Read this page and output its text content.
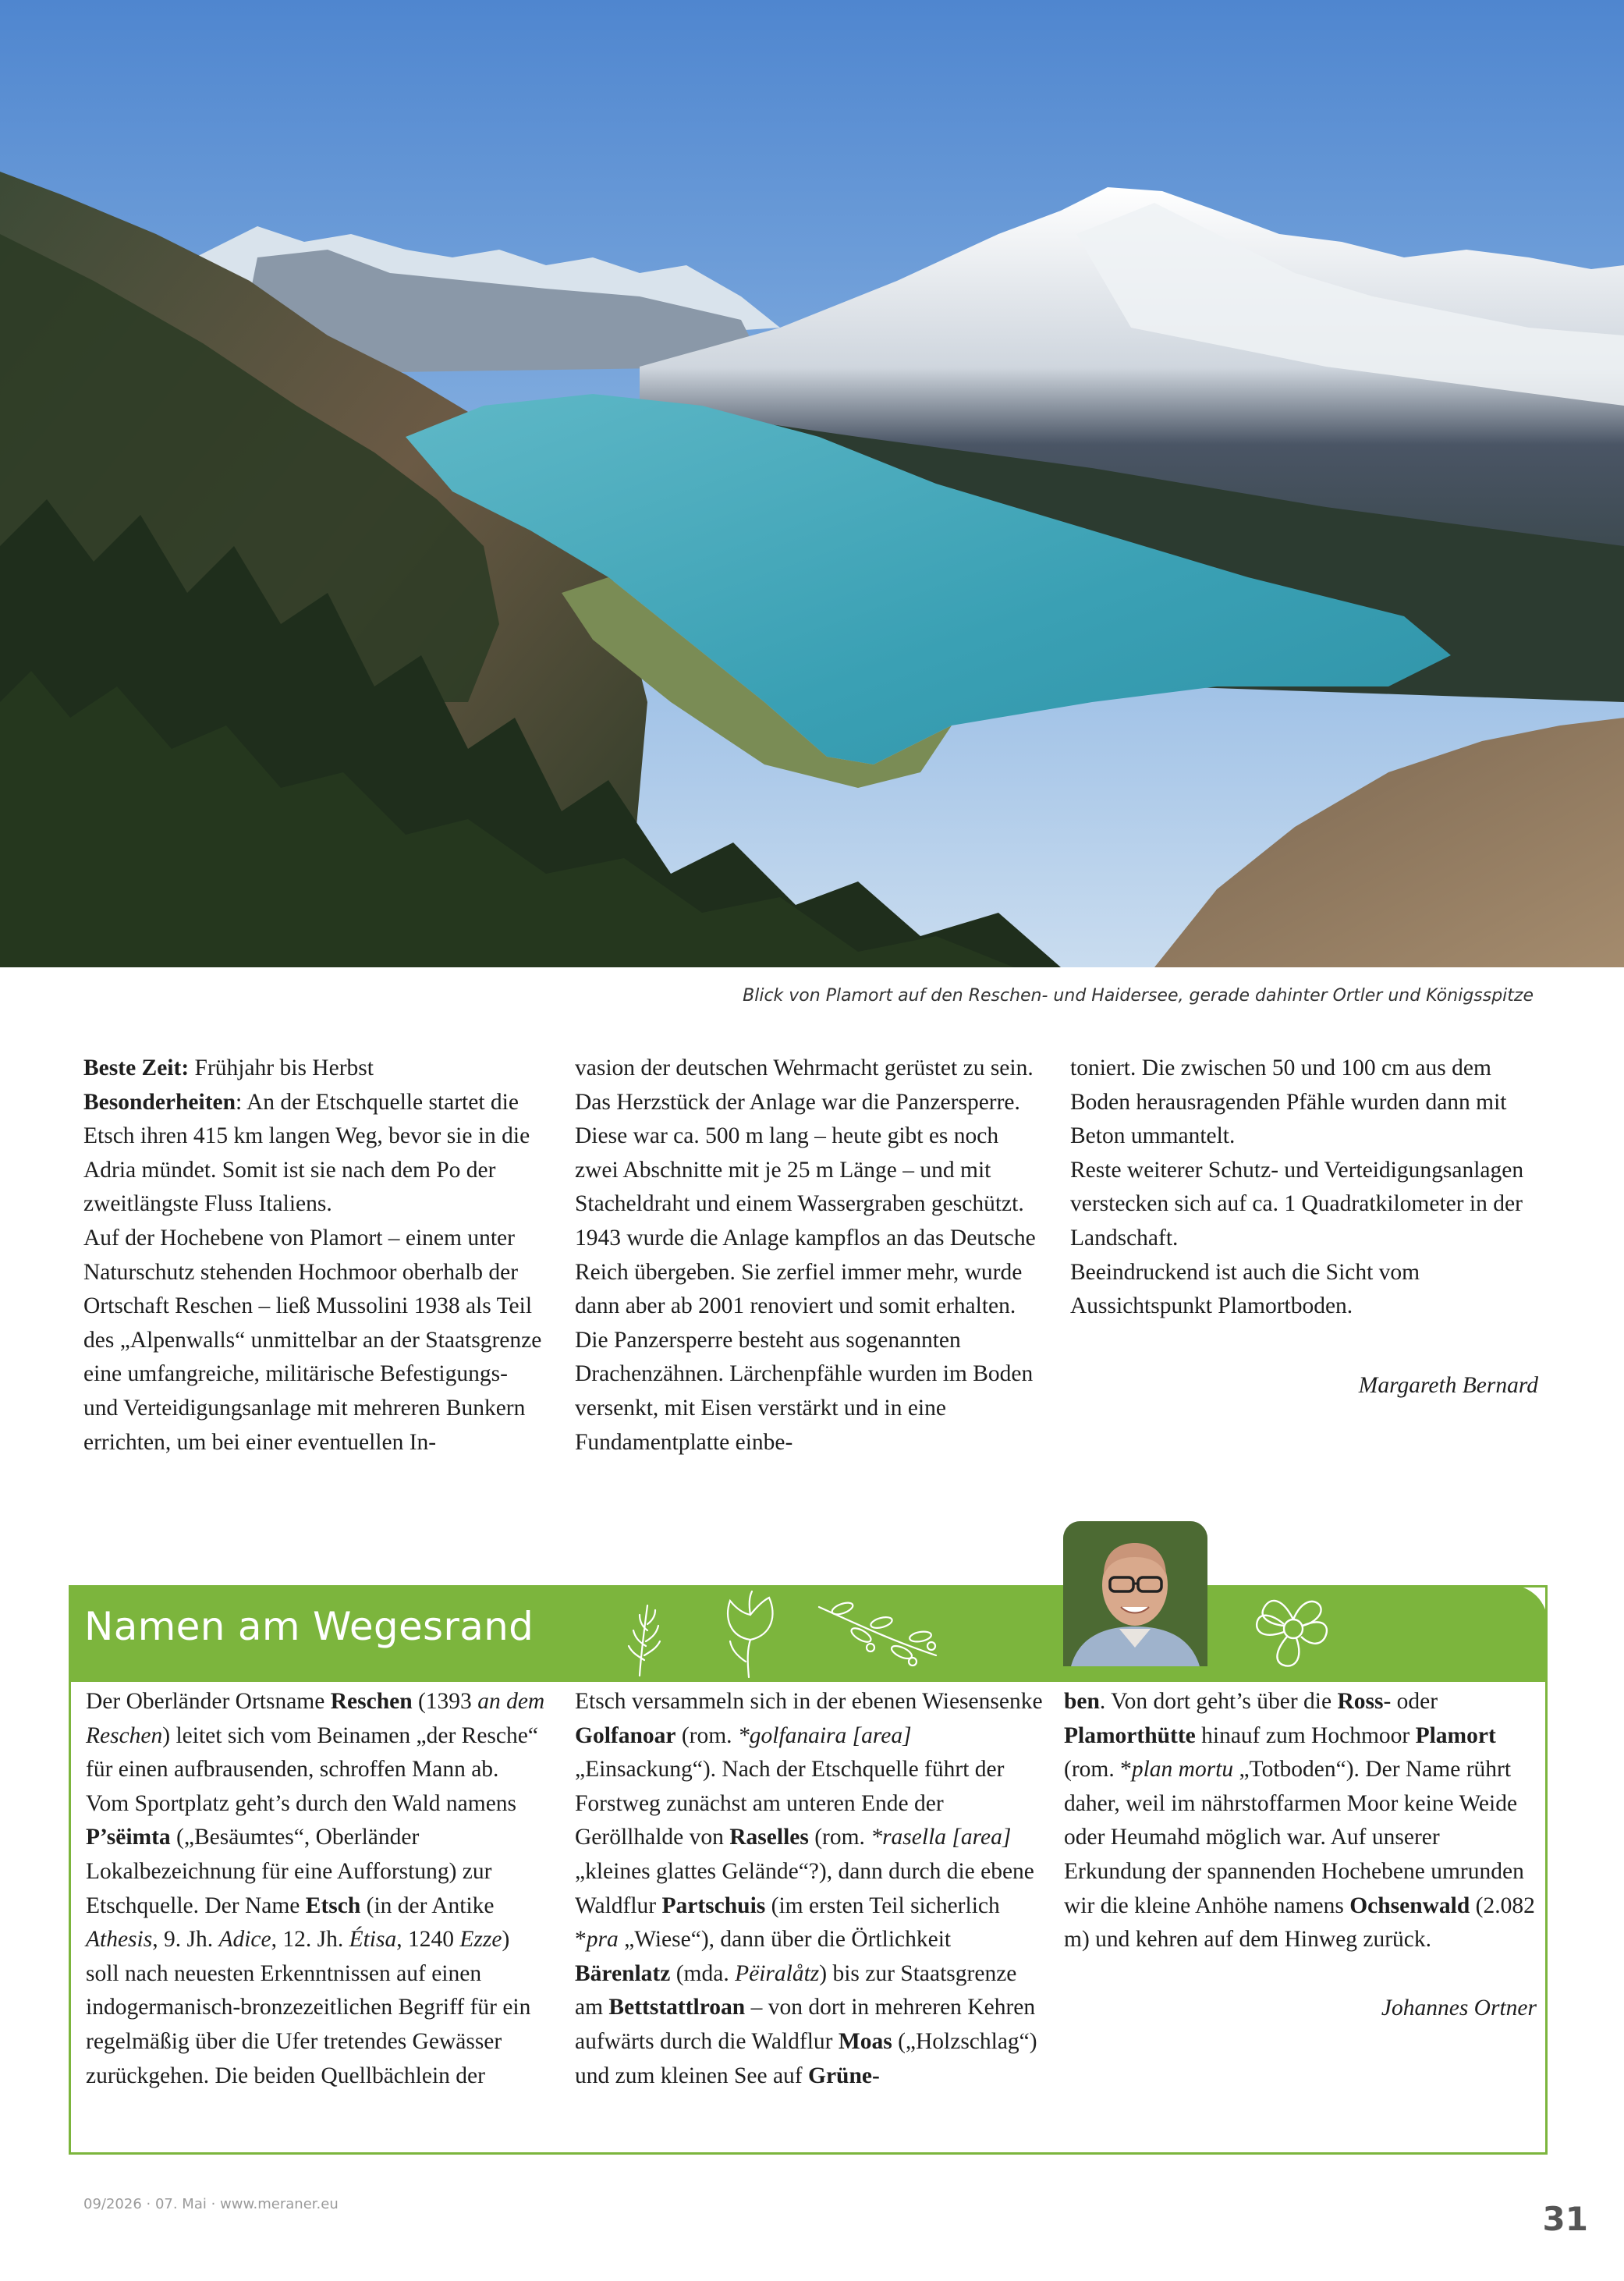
Blick von Plamort auf den Reschen- und Haidersee, gerade dahinter Ortler und Königsspitze

Beste Zeit: Frühjahr bis Herbst
Besonderheiten: An der Etschquelle startet die Etsch ihren 415 km langen Weg, bevor sie in die Adria mündet. Somit ist sie nach dem Po der zweitlängste Fluss Italiens.

Auf der Hochebene von Plamort – einem unter Naturschutz stehenden Hochmoor oberhalb der Ortschaft Reschen – ließ Mussolini 1938 als Teil des „Alpenwalls“ unmittelbar an der Staatsgrenze eine umfangreiche, militärische Befestigungs- und Verteidigungsanlage mit mehreren Bunkern errichten, um bei einer eventuellen In-

vasion der deutschen Wehrmacht gerüstet zu sein. Das Herzstück der Anlage war die Panzersperre. Diese war ca. 500 m lang – heute gibt es noch zwei Abschnitte mit je 25 m Länge – und mit Stacheldraht und einem Wassergraben geschützt. 1943 wurde die Anlage kampflos an das Deutsche Reich übergeben. Sie zerfiel immer mehr, wurde dann aber ab 2001 renoviert und somit erhalten. Die Panzersperre besteht aus sogenannten Drachenzähnen. Lärchenpfähle wurden im Boden versenkt, mit Eisen verstärkt und in eine Fundamentplatte einbe-

toniert. Die zwischen 50 und 100 cm aus dem Boden herausragenden Pfähle wurden dann mit Beton ummantelt.

Reste weiterer Schutz- und Verteidigungsanlagen verstecken sich auf ca. 1 Quadratkilometer in der Landschaft.

Beeindruckend ist auch die Sicht vom Aussichtspunkt Plamortboden.

Margareth Bernard

Namen am Wegesrand

Der Oberländer Ortsname Reschen (1393 an dem Reschen) leitet sich vom Beinamen „der Resche“ für einen aufbrausenden, schroffen Mann ab. Vom Sportplatz geht’s durch den Wald namens P’sëimta („Besäumtes“, Oberländer Lokalbezeichnung für eine Aufforstung) zur Etschquelle. Der Name Etsch (in der Antike Athesis, 9. Jh. Adice, 12. Jh. Étisa, 1240 Ezze) soll nach neuesten Erkenntnissen auf einen indogermanisch-bronzezeitlichen Begriff für ein regelmäßig über die Ufer tretendes Gewässer zurückgehen. Die beiden Quellbächlein der

Etsch versammeln sich in der ebenen Wiesensenke Golfanoar (rom. *golfanaira [area] „Einsackung“). Nach der Etschquelle führt der Forstweg zunächst am unteren Ende der Geröllhalde von Raselles (rom. *rasella [area] „kleines glattes Gelände“?), dann durch die ebene Waldflur Partschuis (im ersten Teil sicherlich *pra „Wiese“), dann über die Örtlichkeit Bärenlatz (mda. Pëiralåtz) bis zur Staatsgrenze am Bettstattlroan – von dort in mehreren Kehren aufwärts durch die Waldflur Moas („Holzschlag“) und zum kleinen See auf Grüne-

ben. Von dort geht’s über die Ross- oder Plamorthütte hinauf zum Hochmoor Plamort (rom. *plan mortu „Totboden“). Der Name rührt daher, weil im nährstoffarmen Moor keine Weide oder Heumahd möglich war. Auf unserer Erkundung der spannenden Hochebene umrunden wir die kleine Anhöhe namens Ochsenwald (2.082 m) und kehren auf dem Hinweg zurück.

Johannes Ortner

09/2026 · 07. Mai · www.meraner.eu	31
